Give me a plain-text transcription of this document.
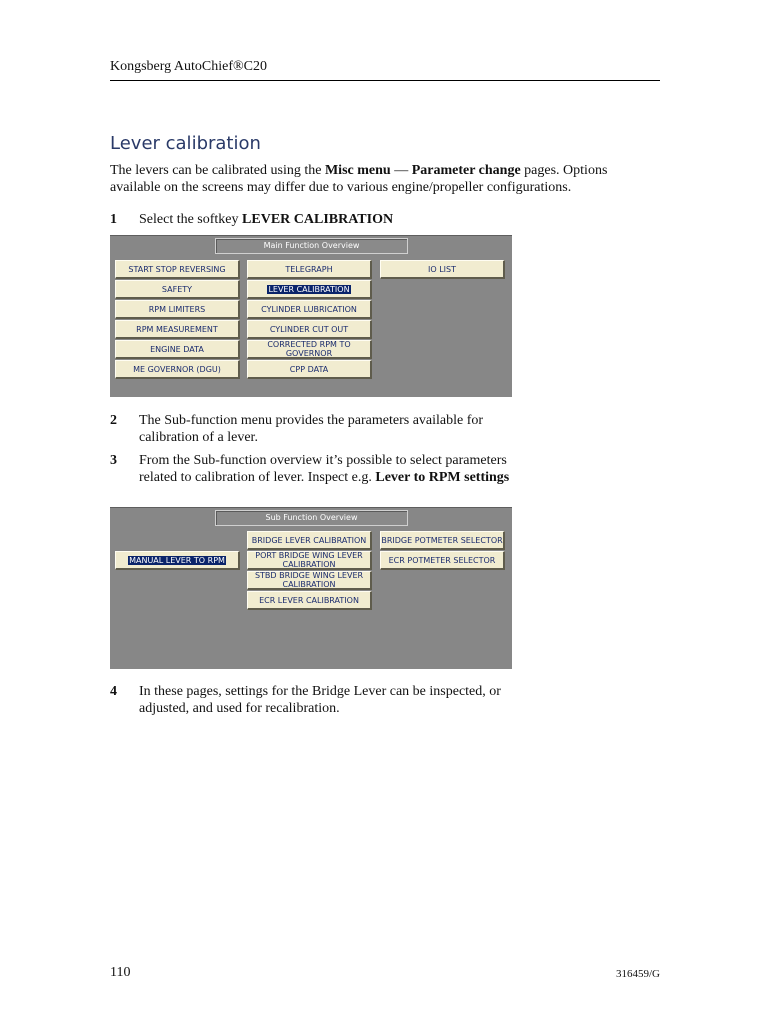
Kongsberg AutoChief®C20
Lever calibration
The levers can be calibrated using the Misc menu — Parameter change pages. Options available on the screens may differ due to various engine/propeller configurations.
1 Select the softkey LEVER CALIBRATION
Main Function Overview
START STOP REVERSING
SAFETY
RPM LIMITERS
RPM MEASUREMENT
ENGINE DATA
ME GOVERNOR (DGU)
TELEGRAPH
LEVER CALIBRATION
CYLINDER LUBRICATION
CYLINDER CUT OUT
CORRECTED RPM TO GOVERNOR
CPP DATA
IO LIST
2 The Sub-function menu provides the parameters available for calibration of a lever.
3 From the Sub-function overview it’s possible to select parameters related to calibration of lever. Inspect e.g. Lever to RPM settings
Sub Function Overview
MANUAL LEVER TO RPM
BRIDGE LEVER CALIBRATION
PORT BRIDGE WING LEVER CALIBRATION
STBD BRIDGE WING LEVER CALIBRATION
ECR LEVER CALIBRATION
BRIDGE POTMETER SELECTOR
ECR POTMETER SELECTOR
4 In these pages, settings for the Bridge Lever can be inspected, or adjusted, and used for recalibration.
110	316459/G
